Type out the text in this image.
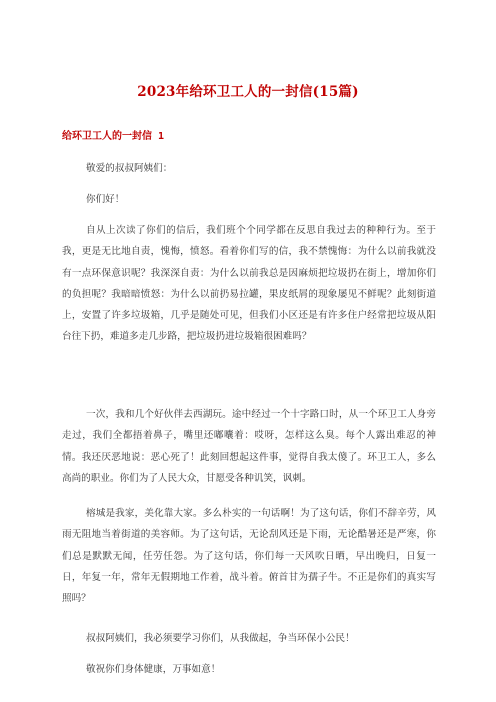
2023年给环卫工人的一封信(15篇)
给环卫工人的一封信 1

敬爱的叔叔阿姨们：

你们好！

自从上次读了你们的信后，我们班个个同学都在反思自我过去的种种行为。至于我，更是无比地自责，愧悔，愤怒。看着你们写的信，我不禁愧悔：为什么以前我就没有一点环保意识呢？我深深自责：为什么以前我总是因麻烦把垃圾扔在街上，增加你们的负担呢？我暗暗愤怒：为什么以前扔易拉罐，果皮纸屑的现象屡见不鲜呢？此刻街道上，安置了许多垃圾箱，几乎是随处可见，但我们小区还是有许多住户经常把垃圾从阳台往下扔，难道多走几步路，把垃圾扔进垃圾箱很困难吗？

一次，我和几个好伙伴去西湖玩。途中经过一个十字路口时，从一个环卫工人身旁走过，我们全都捂着鼻子，嘴里还嘟囔着：哎呀，怎样这么臭。每个人露出难忍的神情。我还厌恶地说：恶心死了！此刻回想起这件事，觉得自我太傻了。环卫工人，多么高尚的职业。你们为了人民大众，甘愿受各种讥笑，讽刺。

榕城是我家，美化靠大家。多么朴实的一句话啊！为了这句话，你们不辞辛劳，风雨无阻地当着街道的美容师。为了这句话，无论刮风还是下雨，无论酷暑还是严寒，你们总是默默无闻，任劳任怨。为了这句话，你们每一天风吹日晒，早出晚归，日复一日，年复一年，常年无假期地工作着，战斗着。俯首甘为孺子牛。不正是你们的真实写照吗？

叔叔阿姨们，我必须要学习你们，从我做起，争当环保小公民！

敬祝你们身体健康，万事如意！
